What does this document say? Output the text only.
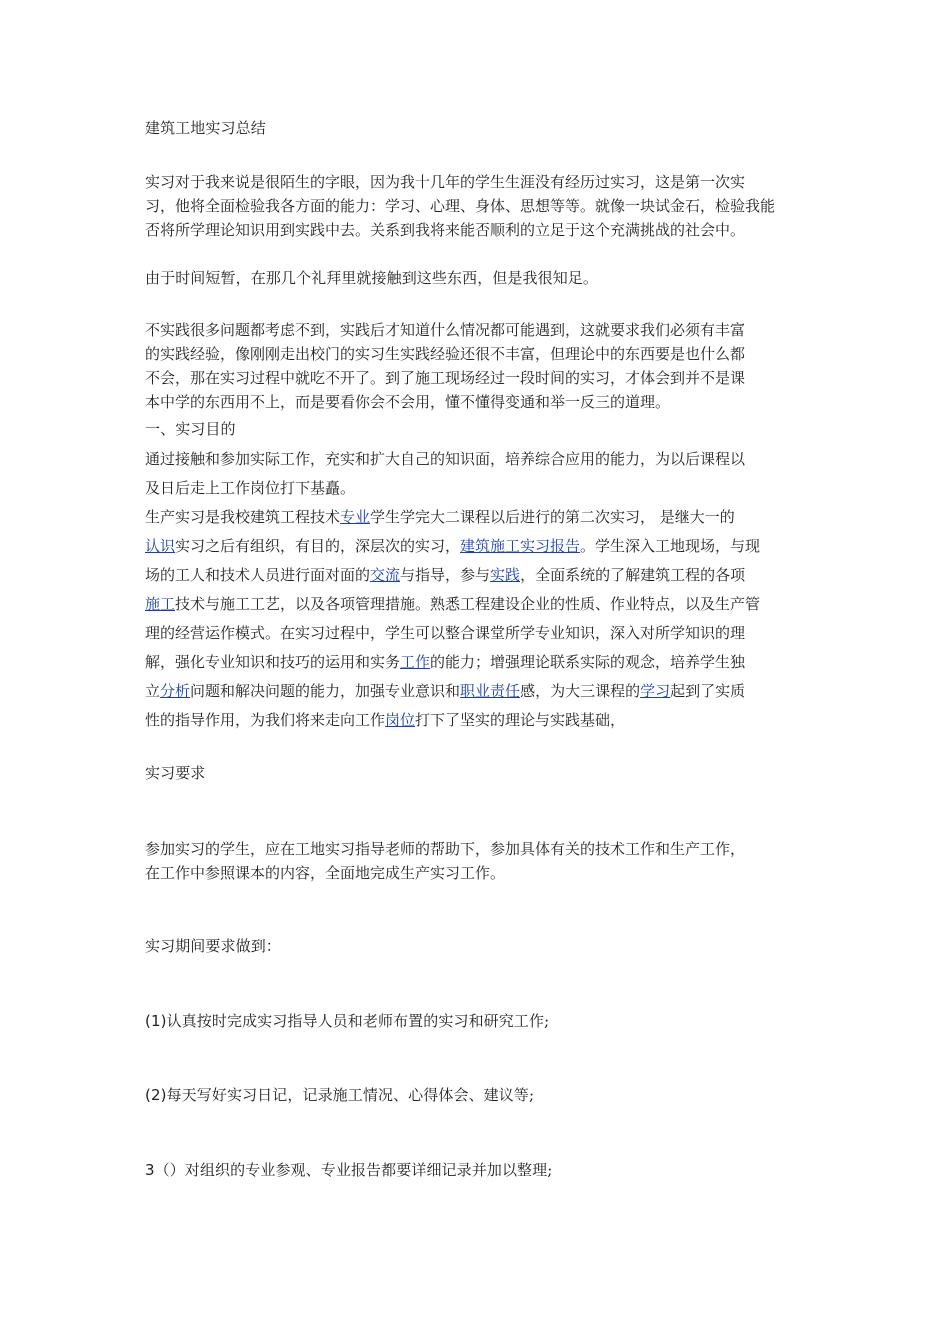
建筑工地实习总结
实习对于我来说是很陌生的字眼，因为我十几年的学生生涯没有经历过实习，这是第一次实
习，他将全面检验我各方面的能力：学习、心理、身体、思想等等。就像一块试金石，检验我能
否将所学理论知识用到实践中去。关系到我将来能否顺利的立足于这个充满挑战的社会中。
由于时间短暂，在那几个礼拜里就接触到这些东西，但是我很知足。
不实践很多问题都考虑不到，实践后才知道什么情况都可能遇到，这就要求我们必须有丰富
的实践经验，像刚刚走出校门的实习生实践经验还很不丰富，但理论中的东西要是也什么都
不会，那在实习过程中就吃不开了。到了施工现场经过一段时间的实习，才体会到并不是课
本中学的东西用不上，而是要看你会不会用，懂不懂得变通和举一反三的道理。
一、实习目的
通过接触和参加实际工作，充实和扩大自己的知识面，培养综合应用的能力，为以后课程以
及日后走上工作岗位打下基矗。
生产实习是我校建筑工程技术专业学生学完大二课程以后进行的第二次实习， 是继大一的
认识实习之后有组织，有目的，深层次的实习，建筑施工实习报告。学生深入工地现场，与现
场的工人和技术人员进行面对面的交流与指导，参与实践，全面系统的了解建筑工程的各项
施工技术与施工工艺，以及各项管理措施。熟悉工程建设企业的性质、作业特点，以及生产管
理的经营运作模式。在实习过程中，学生可以整合课堂所学专业知识，深入对所学知识的理
解，强化专业知识和技巧的运用和实务工作的能力；增强理论联系实际的观念，培养学生独
立分析问题和解决问题的能力，加强专业意识和职业责任感，为大三课程的学习起到了实质
性的指导作用，为我们将来走向工作岗位打下了坚实的理论与实践基础，
实习要求
参加实习的学生，应在工地实习指导老师的帮助下，参加具体有关的技术工作和生产工作，
在工作中参照课本的内容，全面地完成生产实习工作。
实习期间要求做到：
(1)认真按时完成实习指导人员和老师布置的实习和研究工作;
(2)每天写好实习日记，记录施工情况、心得体会、建议等;
3（）对组织的专业参观、专业报告都要详细记录并加以整理;
